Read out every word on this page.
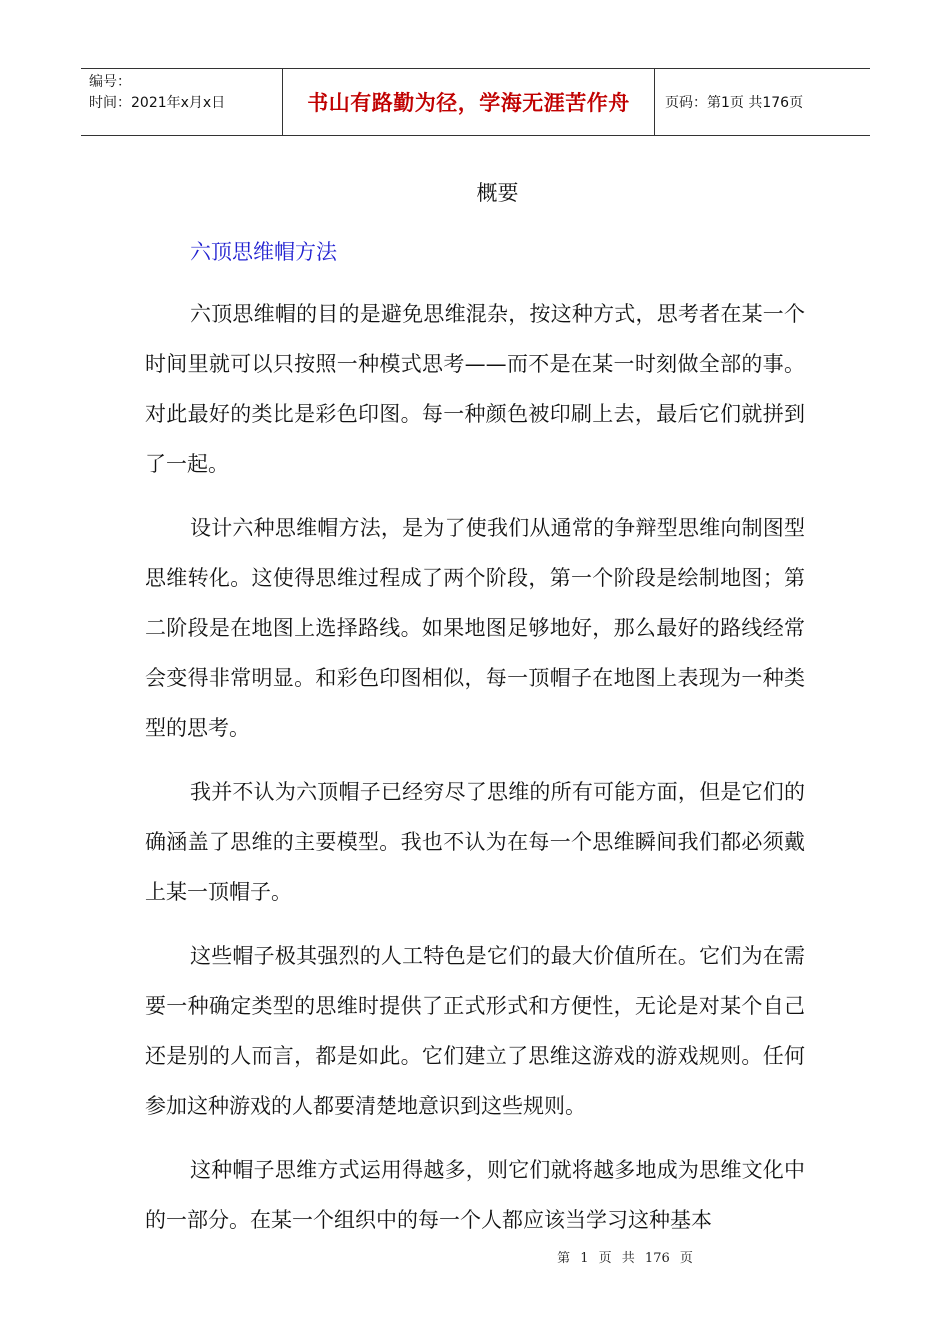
编号：
时间：2021年x月x日	书山有路勤为径，学海无涯苦作舟	页码：第1页 共176页
概要
六顶思维帽方法

六顶思维帽的目的是避免思维混杂，按这种方式，思考者在某一个时间里就可以只按照一种模式思考——而不是在某一时刻做全部的事。对此最好的类比是彩色印图。每一种颜色被印刷上去，最后它们就拼到了一起。

设计六种思维帽方法，是为了使我们从通常的争辩型思维向制图型思维转化。这使得思维过程成了两个阶段，第一个阶段是绘制地图；第二阶段是在地图上选择路线。如果地图足够地好，那么最好的路线经常会变得非常明显。和彩色印图相似，每一顶帽子在地图上表现为一种类型的思考。

我并不认为六顶帽子已经穷尽了思维的所有可能方面，但是它们的确涵盖了思维的主要模型。我也不认为在每一个思维瞬间我们都必须戴上某一顶帽子。

这些帽子极其强烈的人工特色是它们的最大价值所在。它们为在需要一种确定类型的思维时提供了正式形式和方便性，无论是对某个自己还是别的人而言，都是如此。它们建立了思维这游戏的游戏规则。任何参加这种游戏的人都要清楚地意识到这些规则。

这种帽子思维方式运用得越多，则它们就将越多地成为思维文化中的一部分。在某一个组织中的每一个人都应该当学习这种基本

第 1 页 共 176 页
